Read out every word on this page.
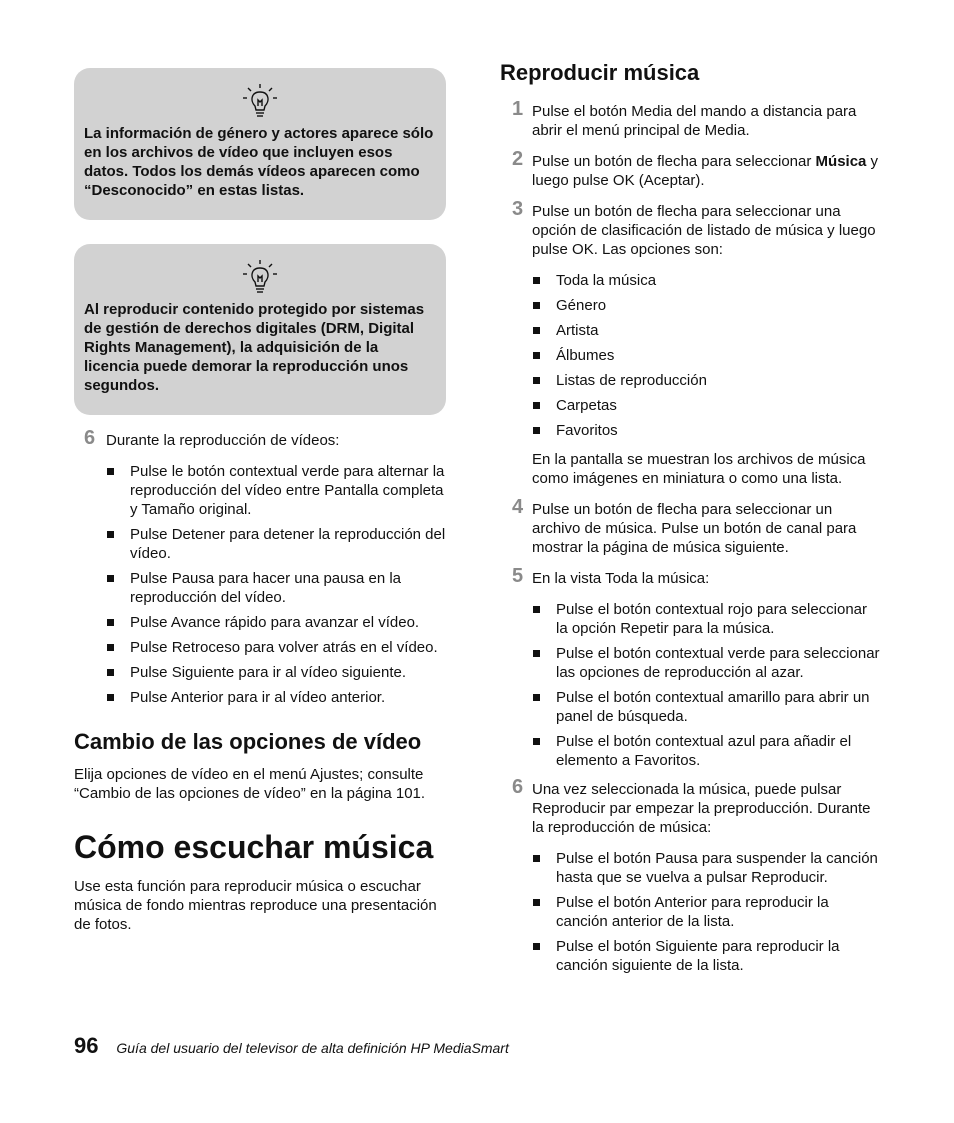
La información de género y actores aparece sólo en los archivos de vídeo que incluyen esos datos. Todos los demás vídeos aparecen como “Desconocido” en estas listas.

Al reproducir contenido protegido por sistemas de gestión de derechos digitales (DRM, Digital Rights Management), la adquisición de la licencia puede demorar la reproducción unos segundos.

6 Durante la reproducción de vídeos:
Pulse le botón contextual verde para alternar la reproducción del vídeo entre Pantalla completa y Tamaño original.
Pulse Detener para detener la reproducción del vídeo.
Pulse Pausa para hacer una pausa en la reproducción del vídeo.
Pulse Avance rápido para avanzar el vídeo.
Pulse Retroceso para volver atrás en el vídeo.
Pulse Siguiente para ir al vídeo siguiente.
Pulse Anterior para ir al vídeo anterior.
Cambio de las opciones de vídeo

Elija opciones de vídeo en el menú Ajustes; consulte “Cambio de las opciones de vídeo” en la página 101.

Cómo escuchar música

Use esta función para reproducir música o escuchar música de fondo mientras reproduce una presentación de fotos.

Reproducir música
1 Pulse el botón Media del mando a distancia para abrir el menú principal de Media.
2 Pulse un botón de flecha para seleccionar Música y luego pulse OK (Aceptar).
3 Pulse un botón de flecha para seleccionar una opción de clasificación de listado de música y luego pulse OK. Las opciones son:
Toda la música
Género
Artista
Álbumes
Listas de reproducción
Carpetas
Favoritos

En la pantalla se muestran los archivos de música como imágenes en miniatura o como una lista.

4 Pulse un botón de flecha para seleccionar un archivo de música. Pulse un botón de canal para mostrar la página de música siguiente.
5 En la vista Toda la música:
Pulse el botón contextual rojo para seleccionar la opción Repetir para la música.
Pulse el botón contextual verde para seleccionar las opciones de reproducción al azar.
Pulse el botón contextual amarillo para abrir un panel de búsqueda.
Pulse el botón contextual azul para añadir el elemento a Favoritos.
6 Una vez seleccionada la música, puede pulsar Reproducir par empezar la preproducción. Durante la reproducción de música:
Pulse el botón Pausa para suspender la canción hasta que se vuelva a pulsar Reproducir.
Pulse el botón Anterior para reproducir la canción anterior de la lista.
Pulse el botón Siguiente para reproducir la canción siguiente de la lista.
96 Guía del usuario del televisor de alta definición HP MediaSmart
